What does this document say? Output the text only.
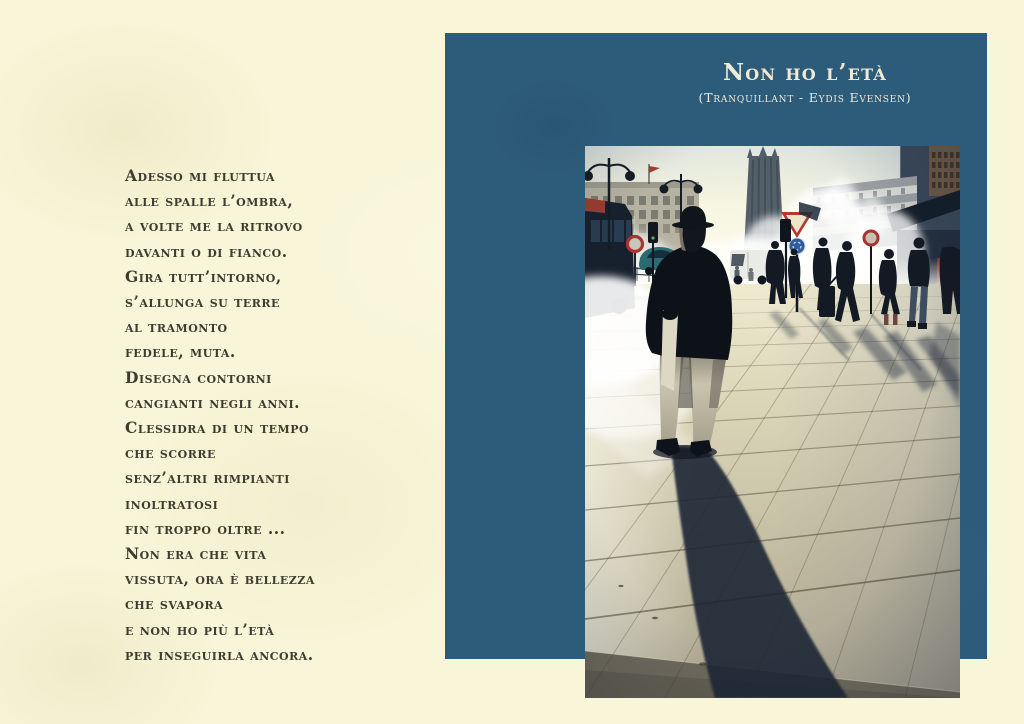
Adesso mi fluttua
alle spalle l’ombra,
a volte me la ritrovo
davanti o di fianco.
Gira tutt’intorno,
s’allunga su terre
al tramonto
fedele, muta.
Disegna contorni
cangianti negli anni.
Clessidra di un tempo
che scorre
senz’altri rimpianti
inoltratosi
fin troppo oltre ...
Non era che vita
vissuta, ora è bellezza
che svapora
e non ho più l’età
per inseguirla ancora.
Non ho l’età

(Tranquillant - Eydis Evensen)
